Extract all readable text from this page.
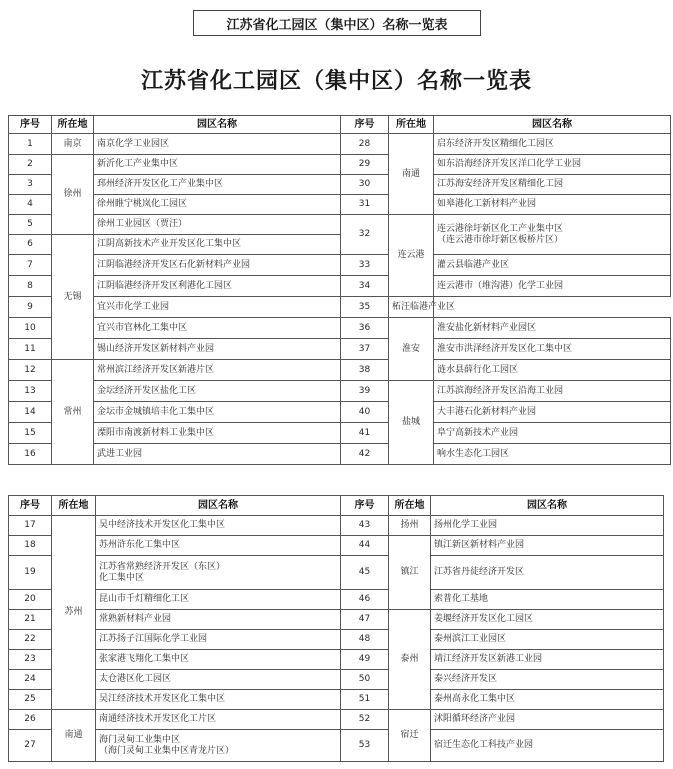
江苏省化工园区（集中区）名称一览表
江苏省化工园区（集中区）名称一览表
序号	所在地	园区名称	序号	所在地	园区名称
1	南京	南京化学工业园区	28	南通	启东经济开发区精细化工园区
2	徐州	新沂化工产业集中区	29		如东沿海经济开发区洋口化学工业园
3		邳州经济开发区化工产业集中区	30		江苏海安经济开发区精细化工园
4		徐州睢宁桃岚化工园区	31		如皋港化工新材料产业园
5		徐州工业园区（贾汪）	32	连云港	连云港徐圩新区化工产业集中区
（连云港市徐圩新区板桥片区）
6	无锡	江阴高新技术产业开发区化工集中区			
7		江阴临港经济开发区石化新材料产业园	33		灌云县临港产业区
8		江阴临港经济开发区利港化工园区	34		连云港市（堆沟港）化学工业园
9		宜兴市化学工业园	35	柘汪临港产业区	
10		宜兴市官林化工集中区	36	淮安	淮安盐化新材料产业园区
11		锡山经济开发区新材料产业园	37		淮安市洪泽经济开发区化工集中区
12	常州	常州滨江经济开发区新港片区	38		涟水县薛行化工园区
13		金坛经济开发区盐化工区	39	盐城	江苏滨海经济开发区沿海工业园
14		金坛市金城镇培丰化工集中区	40		大丰港石化新材料产业园
15		溧阳市南渡新材料工业集中区	41		阜宁高新技术产业园
16		武进工业园	42		响水生态化工园区
序号	所在地	园区名称	序号	所在地	园区名称
17	苏州	吴中经济技术开发区化工集中区	43	扬州	扬州化学工业园
18		苏州浒东化工集中区	44	镇江	镇江新区新材料产业园
19		江苏省常熟经济开发区（东区）
化工集中区	45		江苏省丹徒经济开发区
20		昆山市千灯精细化工区	46		索普化工基地
21		常熟新材料产业园	47	泰州	姜堰经济开发区化工园区
22		江苏扬子江国际化学工业园	48		泰州滨江工业园区
23		张家港飞翔化工集中区	49		靖江经济开发区新港工业园
24		太仓港区化工园区	50		泰兴经济开发区
25		吴江经济技术开发区化工集中区	51		泰州高永化工集中区
26	南通	南通经济技术开发区化工片区	52	宿迁	沭阳循环经济产业园
27		海门灵甸工业集中区
（海门灵甸工业集中区青龙片区）	53		宿迁生态化工科技产业园
